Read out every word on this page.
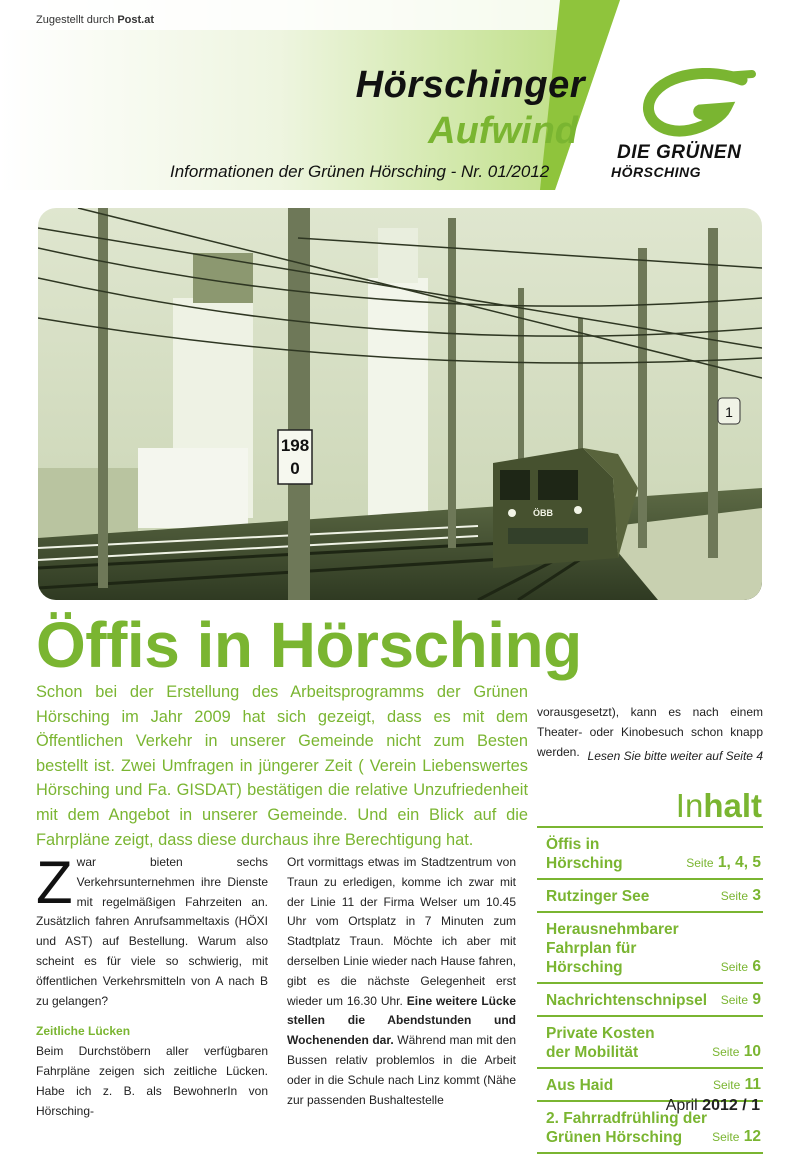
Zugestellt durch Post.at
Hörschinger
Aufwind
Informationen der Grünen Hörsching - Nr. 01/2012
DIE GRÜNEN
HÖRSCHING
198
0
1
ÖBB
Öffis in Hörsching
Schon bei der Erstellung des Arbeitsprogramms der Grünen Hörsching im Jahr 2009 hat sich gezeigt, dass es mit dem Öffentlichen Verkehr in unserer Gemeinde nicht zum Besten bestellt ist. Zwei Umfragen in jüngerer Zeit ( Verein Liebenswertes Hörsching und Fa. GISDAT) bestätigen die relative Unzufriedenheit mit dem Angebot in unserer Gemeinde. Und ein Blick auf die Fahrpläne zeigt, dass diese durchaus ihre Berechtigung hat.
Z war bieten sechs Verkehrsunternehmen ihre Dienste mit regelmäßigen Fahrzeiten an. Zusätzlich fahren Anrufsammeltaxis (HÖXI und AST) auf Bestellung. Warum also scheint es für viele so schwierig, mit öffentlichen Verkehrsmitteln von A nach B zu gelangen?
Zeitliche Lücken
Beim Durchstöbern aller verfügbaren Fahrpläne zeigen sich zeitliche Lücken. Habe ich z. B. als BewohnerIn von Hörsching-
Ort vormittags etwas im Stadtzentrum von Traun zu erledigen, komme ich zwar mit der Linie 11 der Firma Welser um 10.45 Uhr vom Ortsplatz in 7 Minuten zum Stadtplatz Traun. Möchte ich aber mit derselben Linie wieder nach Hause fahren, gibt es die nächste Gelegenheit erst wieder um 16.30 Uhr. Eine weitere Lücke stellen die Abendstunden und Wochenenden dar. Während man mit den Bussen relativ problemlos in die Arbeit oder in die Schule nach Linz kommt (Nähe zur passenden Bushaltestelle
vorausgesetzt), kann es nach einem Theater- oder Kinobesuch schon knapp werden. Lesen Sie bitte weiter auf Seite 4
Inhalt
Öffis in Hörsching	Seite 1, 4, 5
Rutzinger See	Seite 3
Herausnehmbarer Fahrplan für Hörsching	Seite 6
Nachrichtenschnipsel Seite 9
Private Kosten der Mobilität	Seite 10
Aus Haid	Seite 11
2. Fahrradfrühling der Grünen Hörsching	Seite 12
April 2012 / 1
